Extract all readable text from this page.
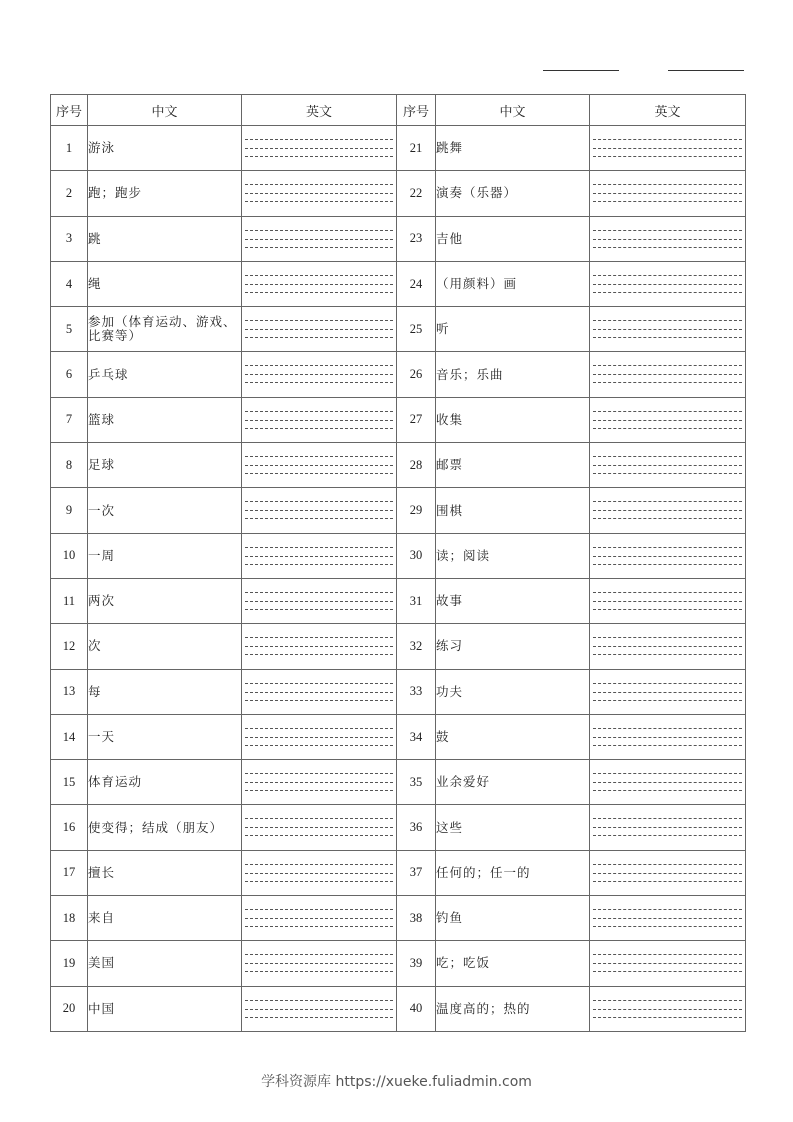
序号	中文	英文	序号	中文	英文
1	游泳		21	跳舞	

2	跑；跑步		22	演奏（乐器）	

3	跳		23	吉他	

4	绳		24	（用颜料）画	

5	参加（体育运动、游戏、比赛等）		25	听	

6	乒乓球		26	音乐；乐曲	

7	篮球		27	收集	

8	足球		28	邮票	

9	一次		29	围棋	

10	一周		30	读；阅读	

11	两次		31	故事	

12	次		32	练习	

13	每		33	功夫	

14	一天		34	鼓	

15	体育运动		35	业余爱好	

16	使变得；结成（朋友）		36	这些	

17	擅长		37	任何的；任一的	

18	来自		38	钓鱼	

19	美国		39	吃；吃饭	

20	中国		40	温度高的；热的	
学科资源库 https://xueke.fuliadmin.com
